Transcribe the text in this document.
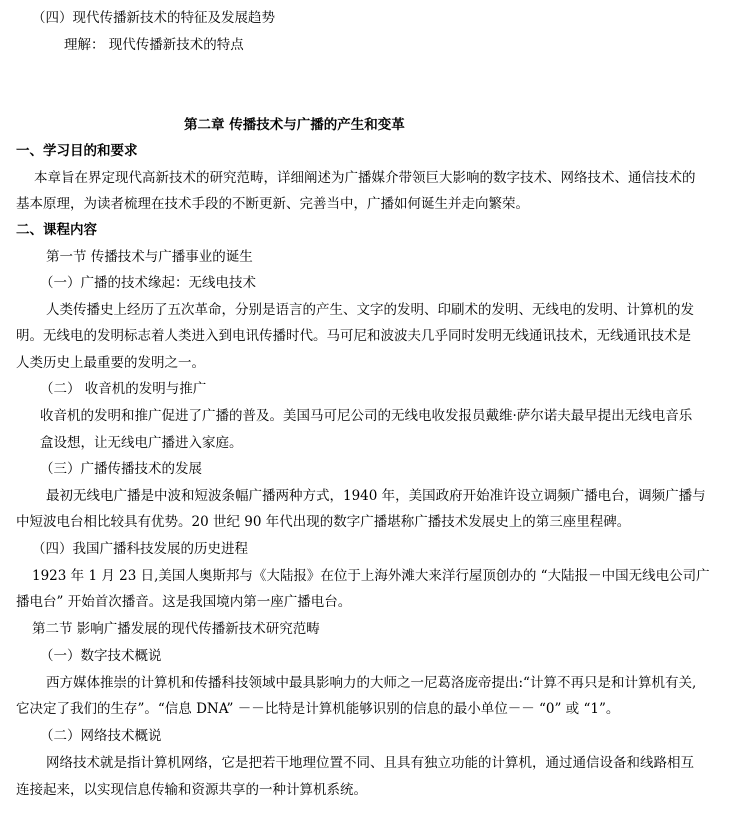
（四）现代传播新技术的特征及发展趋势
理解： 现代传播新技术的特点
第二章 传播技术与广播的产生和变革
一、学习目的和要求
本章旨在界定现代高新技术的研究范畴，详细阐述为广播媒介带领巨大影响的数字技术、网络技术、通信技术的
基本原理，为读者梳理在技术手段的不断更新、完善当中，广播如何诞生并走向繁荣。
二、课程内容
第一节 传播技术与广播事业的诞生
（一）广播的技术缘起：无线电技术
人类传播史上经历了五次革命，分别是语言的产生、文字的发明、印刷术的发明、无线电的发明、计算机的发
明。无线电的发明标志着人类进入到电讯传播时代。马可尼和波波夫几乎同时发明无线通讯技术，无线通讯技术是
人类历史上最重要的发明之一。
（二） 收音机的发明与推广
收音机的发明和推广促进了广播的普及。美国马可尼公司的无线电收发报员戴维·萨尔诺夫最早提出无线电音乐
盒设想，让无线电广播进入家庭。
（三）广播传播技术的发展
最初无线电广播是中波和短波条幅广播两种方式，1940 年，美国政府开始准许设立调频广播电台，调频广播与
中短波电台相比较具有优势。20 世纪 90 年代出现的数字广播堪称广播技术发展史上的第三座里程碑。
（四）我国广播科技发展的历史进程
1923 年 1 月 23 日,美国人奥斯邦与《大陆报》在位于上海外滩大来洋行屋顶创办的 “大陆报－中国无线电公司广
播电台” 开始首次播音。这是我国境内第一座广播电台。
第二节 影响广播发展的现代传播新技术研究范畴
（一）数字技术概说
西方媒体推崇的计算机和传播科技领域中最具影响力的大师之一尼葛洛庞帝提出:“计算不再只是和计算机有关,
它决定了我们的生存”。“信息 DNA” －－比特是计算机能够识别的信息的最小单位－－ “0” 或 “1”。
（二）网络技术概说
网络技术就是指计算机网络，它是把若干地理位置不同、且具有独立功能的计算机，通过通信设备和线路相互
连接起来，以实现信息传输和资源共享的一种计算机系统。
